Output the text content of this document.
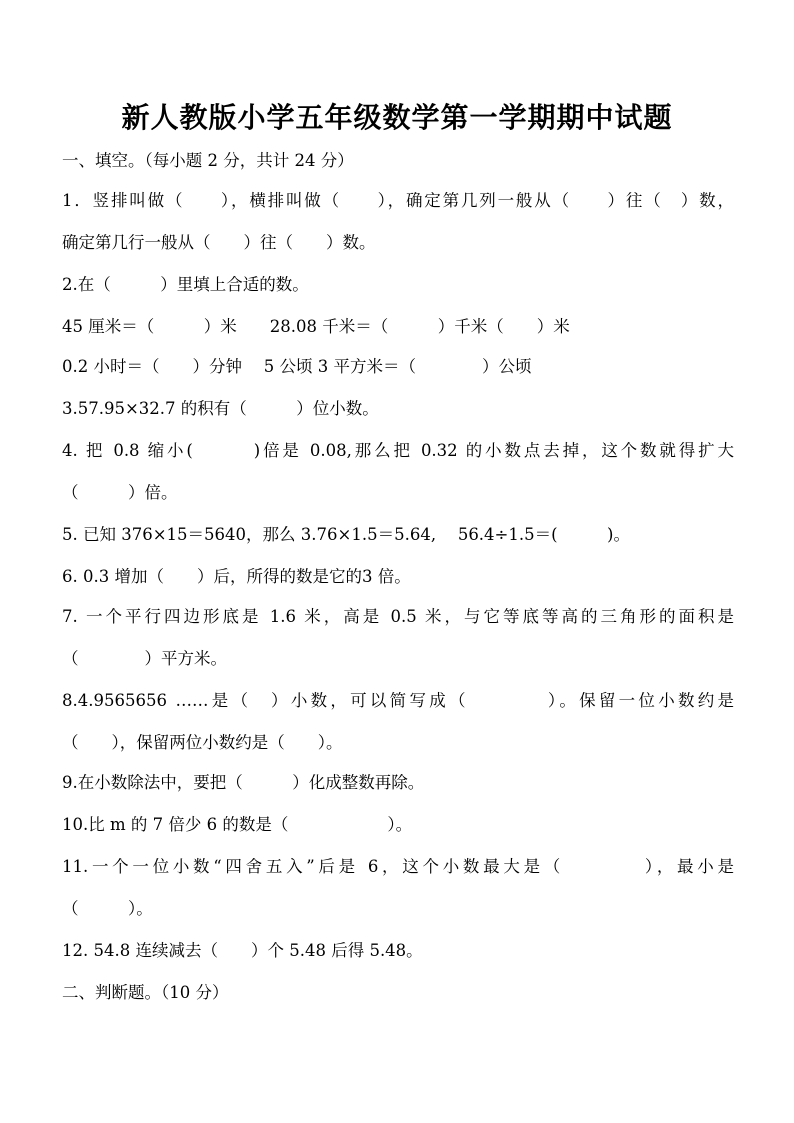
新人教版小学五年级数学第一学期期中试题
一、填空。（每小题 2 分，共计 24 分）
1．竖排叫做（　　），横排叫做（　　），确定第几列一般从（　　）往（　）数，
确定第几行一般从（　　）往（　　）数。
2.在（　　　）里填上合适的数。
45 厘米＝（　　　）米　　28.08 千米＝（　　　）千米（　　）米
0.2 小时＝（　　）分钟　 5 公顷 3 平方米＝（　　　　）公顷
3.57.95×32.7 的积有（　　　）位小数。
4. 把 0.8 缩小(　　　)倍是 0.08,那么把 0.32 的小数点去掉，这个数就得扩大
（　　　）倍。
5. 已知 376×15＝5640，那么 3.76×1.5＝5.64,　 56.4÷1.5＝(　　　)。
6. 0.3 增加（　　）后，所得的数是它的3 倍。
7. 一个平行四边形底是 1.6 米，高是 0.5 米，与它等底等高的三角形的面积是
（　　　　）平方米。
8.4.9565656 ……是（　）小数，可以简写成（　　　　）。保留一位小数约是
（　　），保留两位小数约是（　　）。
9.在小数除法中，要把（　　　）化成整数再除。
10.比 m 的 7 倍少 6 的数是（　　　　　　）。
11.一个一位小数“四舍五入”后是 6，这个小数最大是（　　　　），最小是
（　　　）。
12. 54.8 连续减去（　　）个 5.48 后得 5.48。
二、判断题。（10 分）
